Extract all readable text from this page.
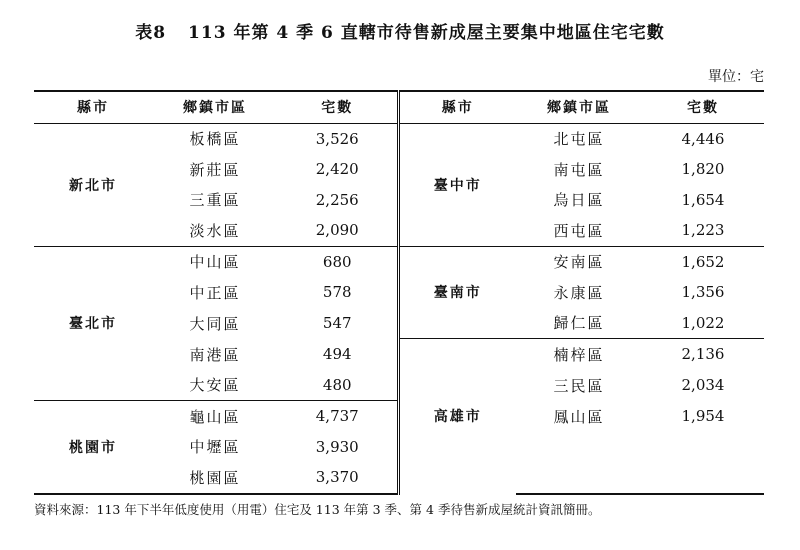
表8 113 年第 4 季 6 直轄市待售新成屋主要集中地區住宅宅數
單位：宅
縣市	鄉鎮市區	宅數	縣市	鄉鎮市區	宅數
新北市	板橋區	3,526	臺中市	北屯區	4,446
	新莊區	2,420		南屯區	1,820
	三重區	2,256		烏日區	1,654
	淡水區	2,090		西屯區	1,223
臺北市	中山區	680	臺南市	安南區	1,652
	中正區	578		永康區	1,356
	大同區	547		歸仁區	1,022
	南港區	494	高雄市	楠梓區	2,136
	大安區	480		三民區	2,034
桃園市	龜山區	4,737		鳳山區	1,954
	中壢區	3,930			
	桃園區	3,370			
資料來源：113 年下半年低度使用（用電）住宅及 113 年第 3 季、第 4 季待售新成屋統計資訊簡冊。
